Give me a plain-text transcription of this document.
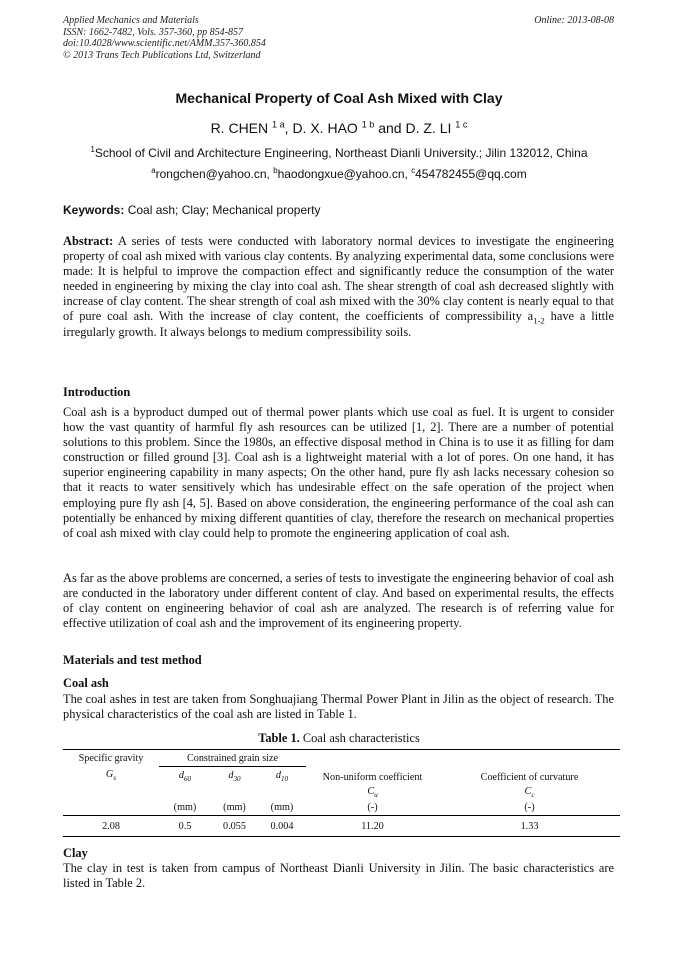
Applied Mechanics and Materials
ISSN: 1662-7482, Vols. 357-360, pp 854-857
doi:10.4028/www.scientific.net/AMM.357-360.854
© 2013 Trans Tech Publications Ltd, Switzerland
Online: 2013-08-08
Mechanical Property of Coal Ash Mixed with Clay
R. CHEN $^{1 a}$, D. X. HAO $^{1 b}$ and D. Z. LI $^{1 c}$
$^1$School of Civil and Architecture Engineering, Northeast Dianli University.; Jilin 132012, China
$^a$rongchen@yahoo.cn, $^b$haodongxue@yahoo.cn, $^c$454782455@qq.com
Keywords: Coal ash; Clay; Mechanical property
Abstract: A series of tests were conducted with laboratory normal devices to investigate the engineering property of coal ash mixed with various clay contents. By analyzing experimental data, some conclusions were made: It is helpful to improve the compaction effect and significantly reduce the consumption of the water needed in engineering by mixing the clay into coal ash. The shear strength of coal ash decreased slightly with increase of clay content. The shear strength of coal ash mixed with the 30% clay content is nearly equal to that of pure coal ash. With the increase of clay content, the coefficients of compressibility $a_{1-2}$ have a little irregularly growth. It always belongs to medium compressibility soils.
Introduction
Coal ash is a byproduct dumped out of thermal power plants which use coal as fuel. It is urgent to consider how the vast quantity of harmful fly ash resources can be utilized [1, 2]. There are a number of potential solutions to this problem. Since the 1980s, an effective disposal method in China is to use it as filling for dam construction or filled ground [3]. Coal ash is a lightweight material with a lot of pores. On one hand, it has superior engineering capability in many aspects; On the other hand, pure fly ash lacks necessary cohesion so that it reacts to water sensitively which has undesirable effect on the safe operation of the project when employing pure fly ash [4, 5]. Based on above consideration, the engineering performance of the coal ash can potentially be enhanced by mixing different quantities of clay, therefore the research on mechanical properties of coal ash mixed with clay could help to promote the engineering application of coal ash.
As far as the above problems are concerned, a series of tests to investigate the engineering behavior of coal ash are conducted in the laboratory under different content of clay. And based on experimental results, the effects of clay content on engineering behavior of coal ash are analyzed. The research is of referring value for effective utilization of coal ash and the improvement of its engineering property.
Materials and test method
Coal ash
The coal ashes in test are taken from Songhuajiang Thermal Power Plant in Jilin as the object of research. The physical characteristics of the coal ash are listed in Table 1.
Table 1. Coal ash characteristics
Specific gravity	Constrained grain size			Non-uniform coefficient	Coefficient of curvature
$G_s$	$d_{60}$	$d_{30}$	$d_{10}$
				$C_u$	$C_c$
	(mm)	(mm)	(mm)	(-)	(-)
2.08	0.5	0.055	0.004	11.20	1.33
Clay
The clay in test is taken from campus of Northeast Dianli University in Jilin. The basic characteristics are listed in Table 2.
